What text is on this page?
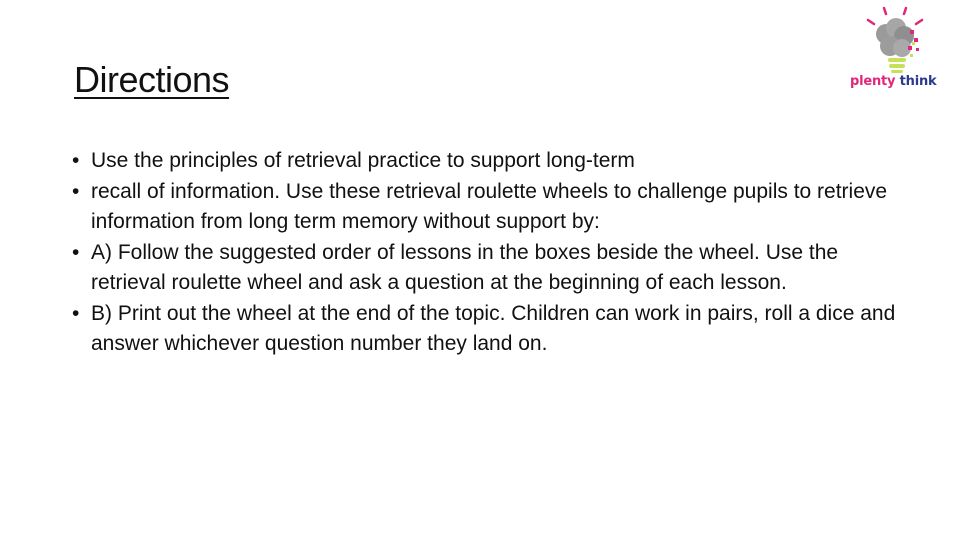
Directions
• Use the principles of retrieval practice to support long-term
• recall of information. Use these retrieval roulette wheels to challenge pupils to retrieve information from long term memory without support by:
• A) Follow the suggested order of lessons in the boxes beside the wheel. Use the retrieval roulette wheel and ask a question at the beginning of each lesson.
• B) Print out the wheel at the end of the topic. Children can work in pairs, roll a dice and answer whichever question number they land on.
plenty think
